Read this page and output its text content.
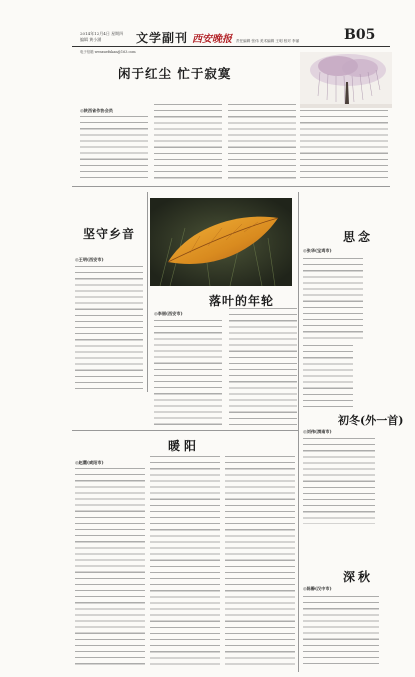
2014年12月4日 星期四
编辑 黄小涵	文学副刊 西安晚报 责任编辑 张伟 美术编辑 王明 校对 李丽	B05
电子信箱 wenxuefukan@163.com
闲于红尘 忙于寂寞
◎陕西省作协会员
坚守乡音
◎王明(西安市)
落叶的年轮
◎李丽(西安市)
暖阳
◎赵霞(咸阳市)
思念
◎张华(宝鸡市)
初冬(外一首)
◎刘伟(渭南市)
深秋
◎陈静(汉中市)
